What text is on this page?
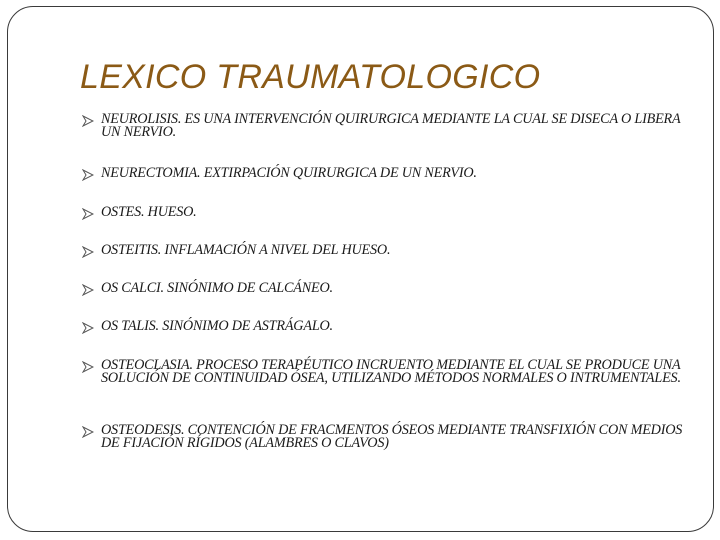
LEXICO TRAUMATOLOGICO
NEUROLISIS. ES UNA INTERVENCIÓN QUIRURGICA MEDIANTE LA CUAL SE DISECA O LIBERA UN NERVIO.
NEURECTOMIA. EXTIRPACIÓN QUIRURGICA DE UN NERVIO.
OSTES. HUESO.
OSTEITIS. INFLAMACIÓN A NIVEL DEL HUESO.
OS CALCI. SINÓNIMO DE CALCÁNEO.
OS TALIS. SINÓNIMO DE ASTRÁGALO.
OSTEOCLASIA. PROCESO TERAPÉUTICO INCRUENTO MEDIANTE EL CUAL SE PRODUCE UNA SOLUCIÓN DE CONTINUIDAD ÓSEA, UTILIZANDO MÉTODOS NORMALES O INTRUMENTALES.
OSTEODESIS. CONTENCIÓN DE FRACMENTOS ÓSEOS MEDIANTE TRANSFIXIÓN CON MEDIOS DE FIJACIÓN RÍGIDOS (ALAMBRES O CLAVOS)
